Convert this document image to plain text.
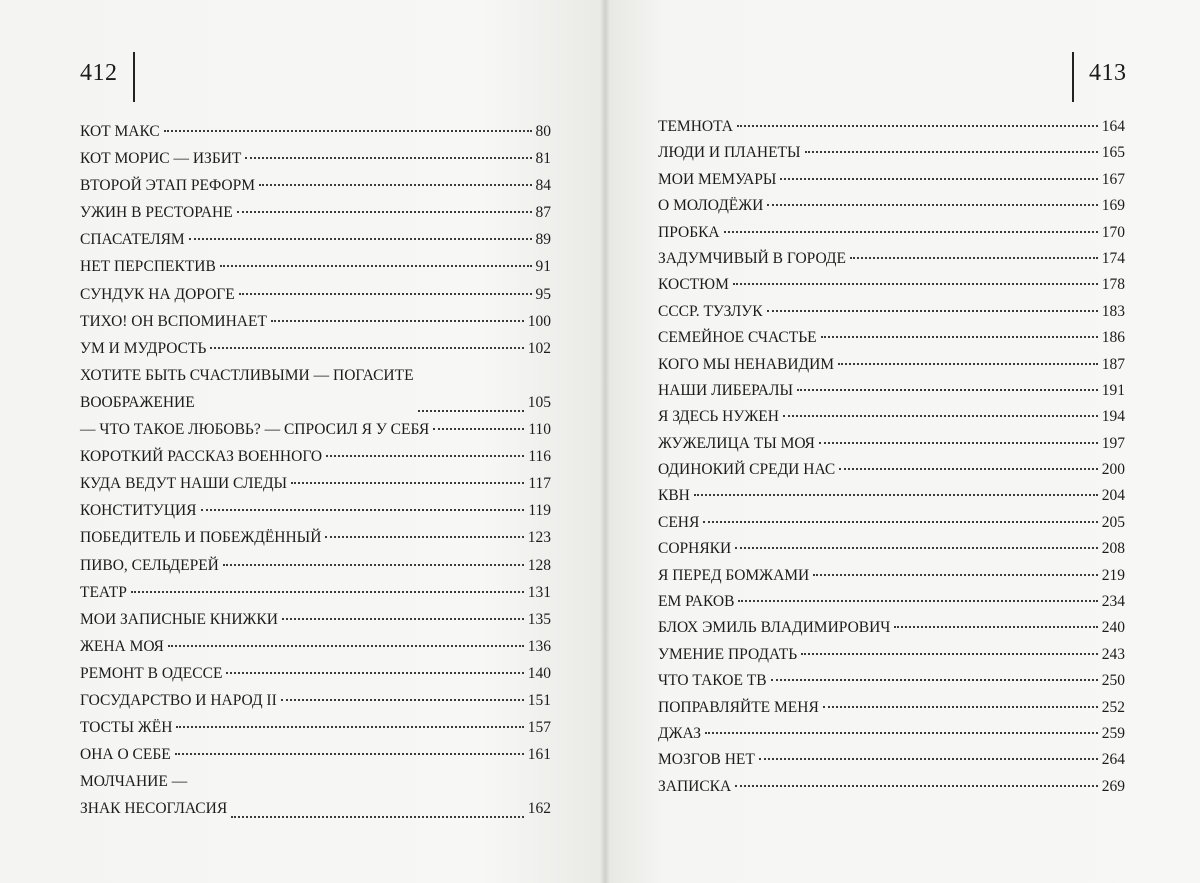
412	413
КОТ МАКС	80
КОТ МОРИС — ИЗБИТ	81
ВТОРОЙ ЭТАП РЕФОРМ	84
УЖИН В РЕСТОРАНЕ	87
СПАСАТЕЛЯМ	89
НЕТ ПЕРСПЕКТИВ	91
СУНДУК НА ДОРОГЕ	95
ТИХО! ОН ВСПОМИНАЕТ	100
УМ И МУДРОСТЬ	102
ХОТИТЕ БЫТЬ СЧАСТЛИВЫМИ — ПОГАСИТЕ
ВООБРАЖЕНИЕ	105
— ЧТО ТАКОЕ ЛЮБОВЬ? — СПРОСИЛ Я У СЕБЯ	110
КОРОТКИЙ РАССКАЗ ВОЕННОГО	116
КУДА ВЕДУТ НАШИ СЛЕДЫ	117
КОНСТИТУЦИЯ	119
ПОБЕДИТЕЛЬ И ПОБЕЖДЁННЫЙ	123
ПИВО, СЕЛЬДЕРЕЙ	128
ТЕАТР	131
МОИ ЗАПИСНЫЕ КНИЖКИ	135
ЖЕНА МОЯ	136
РЕМОНТ В ОДЕССЕ	140
ГОСУДАРСТВО И НАРОД II	151
ТОСТЫ ЖЁН	157
ОНА О СЕБЕ	161
МОЛЧАНИЕ —
ЗНАК НЕСОГЛАСИЯ	162
ТЕМНОТА	164
ЛЮДИ И ПЛАНЕТЫ	165
МОИ МЕМУАРЫ	167
О МОЛОДЁЖИ	169
ПРОБКА	170
ЗАДУМЧИВЫЙ В ГОРОДЕ	174
КОСТЮМ	178
СССР. ТУЗЛУК	183
СЕМЕЙНОЕ СЧАСТЬЕ	186
КОГО МЫ НЕНАВИДИМ	187
НАШИ ЛИБЕРАЛЫ	191
Я ЗДЕСЬ НУЖЕН	194
ЖУЖЕЛИЦА ТЫ МОЯ	197
ОДИНОКИЙ СРЕДИ НАС	200
КВН	204
СЕНЯ	205
СОРНЯКИ	208
Я ПЕРЕД БОМЖАМИ	219
ЕМ РАКОВ	234
БЛОХ ЭМИЛЬ ВЛАДИМИРОВИЧ	240
УМЕНИЕ ПРОДАТЬ	243
ЧТО ТАКОЕ ТВ	250
ПОПРАВЛЯЙТЕ МЕНЯ	252
ДЖАЗ	259
МОЗГОВ НЕТ	264
ЗАПИСКА	269
